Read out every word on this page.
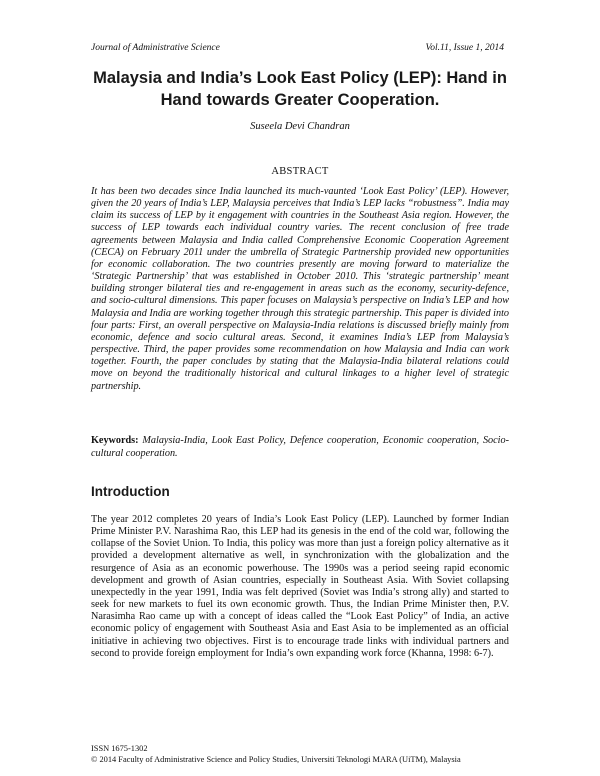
Journal of Administrative Science	Vol.11, Issue 1, 2014
Malaysia and India’s Look East Policy (LEP): Hand in Hand towards Greater Cooperation.
Suseela Devi Chandran
ABSTRACT

It has been two decades since India launched its much-vaunted ‘Look East Policy’ (LEP). However, given the 20 years of India’s LEP, Malaysia perceives that India’s LEP lacks “robustness”. India may claim its success of LEP by it engagement with countries in the Southeast Asia region. However, the success of LEP towards each individual country varies. The recent conclusion of free trade agreements between Malaysia and India called Comprehensive Economic Cooperation Agreement (CECA) on February 2011 under the umbrella of Strategic Partnership provided new opportunities for economic collaboration. The two countries presently are moving forward to materialize the ‘Strategic Partnership’ that was established in October 2010. This ‘strategic partnership’ meant building stronger bilateral ties and re-engagement in areas such as the economy, security-defence, and socio-cultural dimensions. This paper focuses on Malaysia’s perspective on India’s LEP and how Malaysia and India are working together through this strategic partnership. This paper is divided into four parts: First, an overall perspective on Malaysia-India relations is discussed briefly mainly from economic, defence and socio cultural areas. Second, it examines India’s LEP from Malaysia’s perspective. Third, the paper provides some recommendation on how Malaysia and India can work together. Fourth, the paper concludes by stating that the Malaysia-India bilateral relations could move on beyond the traditionally historical and cultural linkages to a higher level of strategic partnership.

Keywords: Malaysia-India, Look East Policy, Defence cooperation, Economic cooperation, Socio-cultural cooperation.

Introduction

The year 2012 completes 20 years of India’s Look East Policy (LEP). Launched by former Indian Prime Minister P.V. Narashima Rao, this LEP had its genesis in the end of the cold war, following the collapse of the Soviet Union. To India, this policy was more than just a foreign policy alternative as it provided a development alternative as well, in synchronization with the globalization and the resurgence of Asia as an economic powerhouse. The 1990s was a period seeing rapid economic development and growth of Asian countries, especially in Southeast Asia. With Soviet collapsing unexpectedly in the year 1991, India was felt deprived (Soviet was India’s strong ally) and started to seek for new markets to fuel its own economic growth. Thus, the Indian Prime Minister then, P.V. Narasimha Rao came up with a concept of ideas called the “Look East Policy” of India, an active economic policy of engagement with Southeast Asia and East Asia to be implemented as an official initiative in achieving two objectives. First is to encourage trade links with individual partners and second to provide foreign employment for India’s own expanding work force (Khanna, 1998: 6-7).

ISSN 1675-1302
© 2014 Faculty of Administrative Science and Policy Studies, Universiti Teknologi MARA (UiTM), Malaysia
